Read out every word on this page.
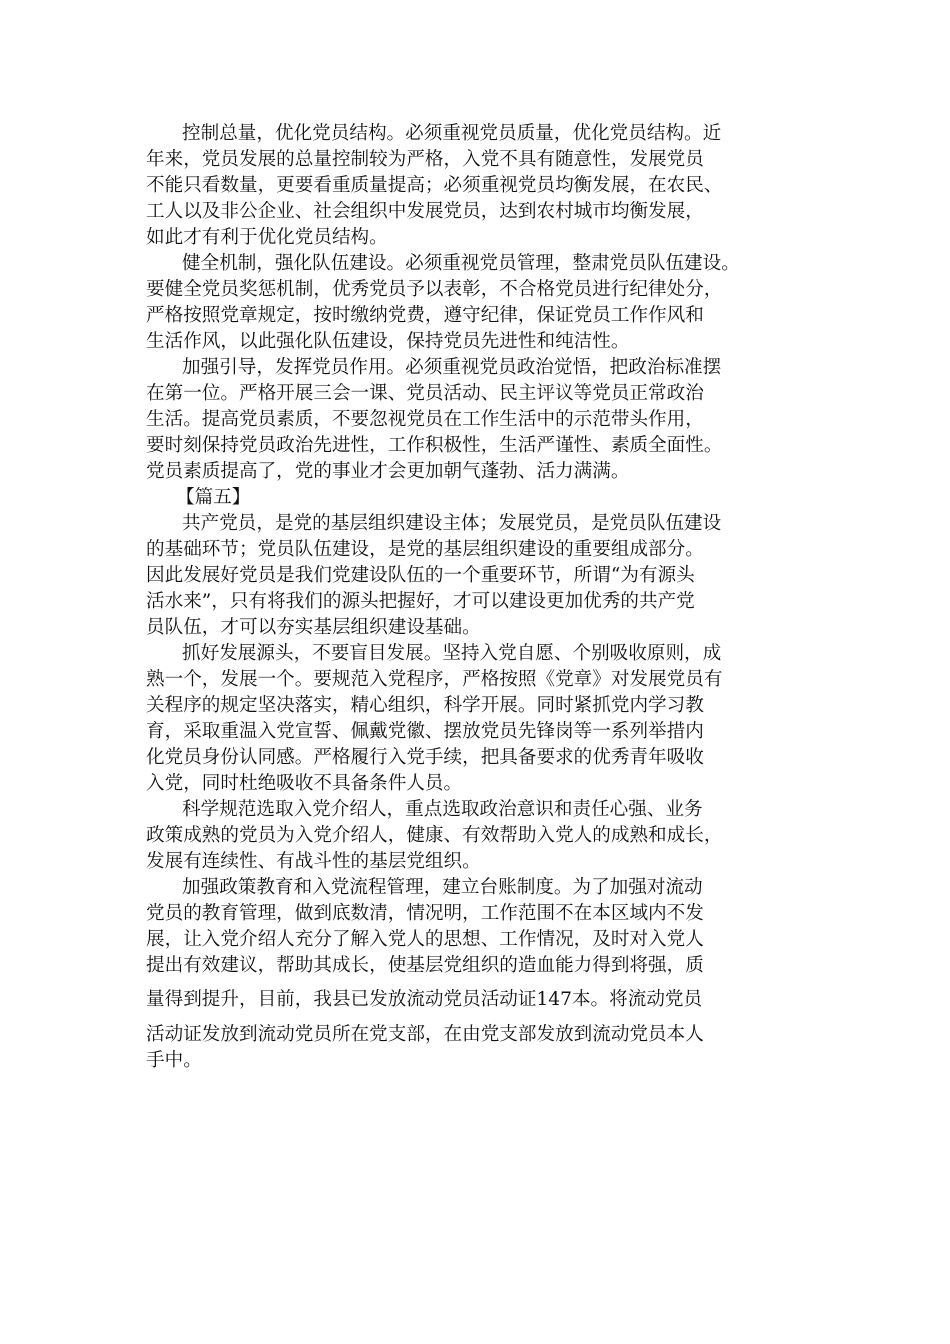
控制总量，优化党员结构。必须重视党员质量，优化党员结构。近
年来，党员发展的总量控制较为严格，入党不具有随意性，发展党员
不能只看数量，更要看重质量提高；必须重视党员均衡发展，在农民、
工人以及非公企业、社会组织中发展党员，达到农村城市均衡发展，
如此才有利于优化党员结构。
健全机制，强化队伍建设。必须重视党员管理，整肃党员队伍建设。
要健全党员奖惩机制，优秀党员予以表彰，不合格党员进行纪律处分，
严格按照党章规定，按时缴纳党费，遵守纪律，保证党员工作作风和
生活作风，以此强化队伍建设，保持党员先进性和纯洁性。
加强引导，发挥党员作用。必须重视党员政治觉悟，把政治标准摆
在第一位。严格开展三会一课、党员活动、民主评议等党员正常政治
生活。提高党员素质，不要忽视党员在工作生活中的示范带头作用，
要时刻保持党员政治先进性，工作积极性，生活严谨性、素质全面性。
党员素质提高了，党的事业才会更加朝气蓬勃、活力满满。
【篇五】
共产党员，是党的基层组织建设主体；发展党员，是党员队伍建设
的基础环节；党员队伍建设，是党的基层组织建设的重要组成部分。
因此发展好党员是我们党建设队伍的一个重要环节，所谓“为有源头
活水来”，只有将我们的源头把握好，才可以建设更加优秀的共产党
员队伍，才可以夯实基层组织建设基础。
抓好发展源头，不要盲目发展。坚持入党自愿、个别吸收原则，成
熟一个，发展一个。要规范入党程序，严格按照《党章》对发展党员有
关程序的规定坚决落实，精心组织，科学开展。同时紧抓党内学习教
育，采取重温入党宣誓、佩戴党徽、摆放党员先锋岗等一系列举措内
化党员身份认同感。严格履行入党手续，把具备要求的优秀青年吸收
入党，同时杜绝吸收不具备条件人员。
科学规范选取入党介绍人，重点选取政治意识和责任心强、业务
政策成熟的党员为入党介绍人，健康、有效帮助入党人的成熟和成长，
发展有连续性、有战斗性的基层党组织。
加强政策教育和入党流程管理，建立台账制度。为了加强对流动
党员的教育管理，做到底数清，情况明，工作范围不在本区域内不发
展，让入党介绍人充分了解入党人的思想、工作情况，及时对入党人
提出有效建议，帮助其成长，使基层党组织的造血能力得到将强，质
量得到提升，目前，我县已发放流动党员活动证147本。将流动党员
活动证发放到流动党员所在党支部，在由党支部发放到流动党员本人
手中。
